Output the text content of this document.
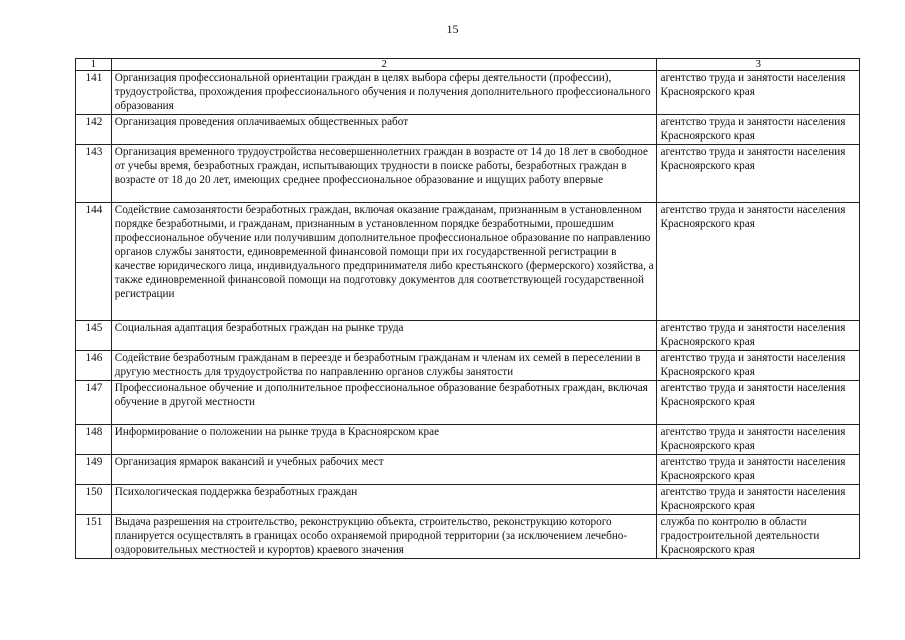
15
1	2	3
141	Организация профессиональной ориентации граждан в целях выбора сферы деятельности (профессии), трудоустройства, прохождения профессионального обучения и получения дополнительного профессионального образования	агентство труда и занятости населения Красноярского края
142	Организация проведения оплачиваемых общественных работ	агентство труда и занятости населения Красноярского края
143	Организация временного трудоустройства несовершеннолетних граждан в возрасте от 14 до 18 лет в свободное от учебы время, безработных граждан, испытывающих трудности в поиске работы, безработных граждан в возрасте от 18 до 20 лет, имеющих среднее профессиональное образование и ищущих работу впервые	агентство труда и занятости населения Красноярского края
144	Содействие самозанятости безработных граждан, включая оказание гражданам, признанным в установленном порядке безработными, и гражданам, признанным в установленном порядке безработными, прошедшим профессиональное обучение или получившим дополнительное профессиональное образование по направлению органов службы занятости, единовременной финансовой помощи при их государственной регистрации в качестве юридического лица, индивидуального предпринимателя либо крестьянского (фермерского) хозяйства, а также единовременной финансовой помощи на подготовку документов для соответствующей государственной регистрации	агентство труда и занятости населения Красноярского края
145	Социальная адаптация безработных граждан на рынке труда	агентство труда и занятости населения Красноярского края
146	Содействие безработным гражданам в переезде и безработным гражданам и членам их семей в переселении в другую местность для трудоустройства по направлению органов службы занятости	агентство труда и занятости населения Красноярского края
147	Профессиональное обучение и дополнительное профессиональное образование безработных граждан, включая обучение в другой местности	агентство труда и занятости населения Красноярского края
148	Информирование о положении на рынке труда в Красноярском крае	агентство труда и занятости населения Красноярского края
149	Организация ярмарок вакансий и учебных рабочих мест	агентство труда и занятости населения Красноярского края
150	Психологическая поддержка безработных граждан	агентство труда и занятости населения Красноярского края
151	Выдача разрешения на строительство, реконструкцию объекта, строительство, реконструкцию которого планируется осуществлять в границах особо охраняемой природной территории (за исключением лечебно-оздоровительных местностей и курортов) краевого значения	служба по контролю в области градостроительной деятельности Красноярского края
